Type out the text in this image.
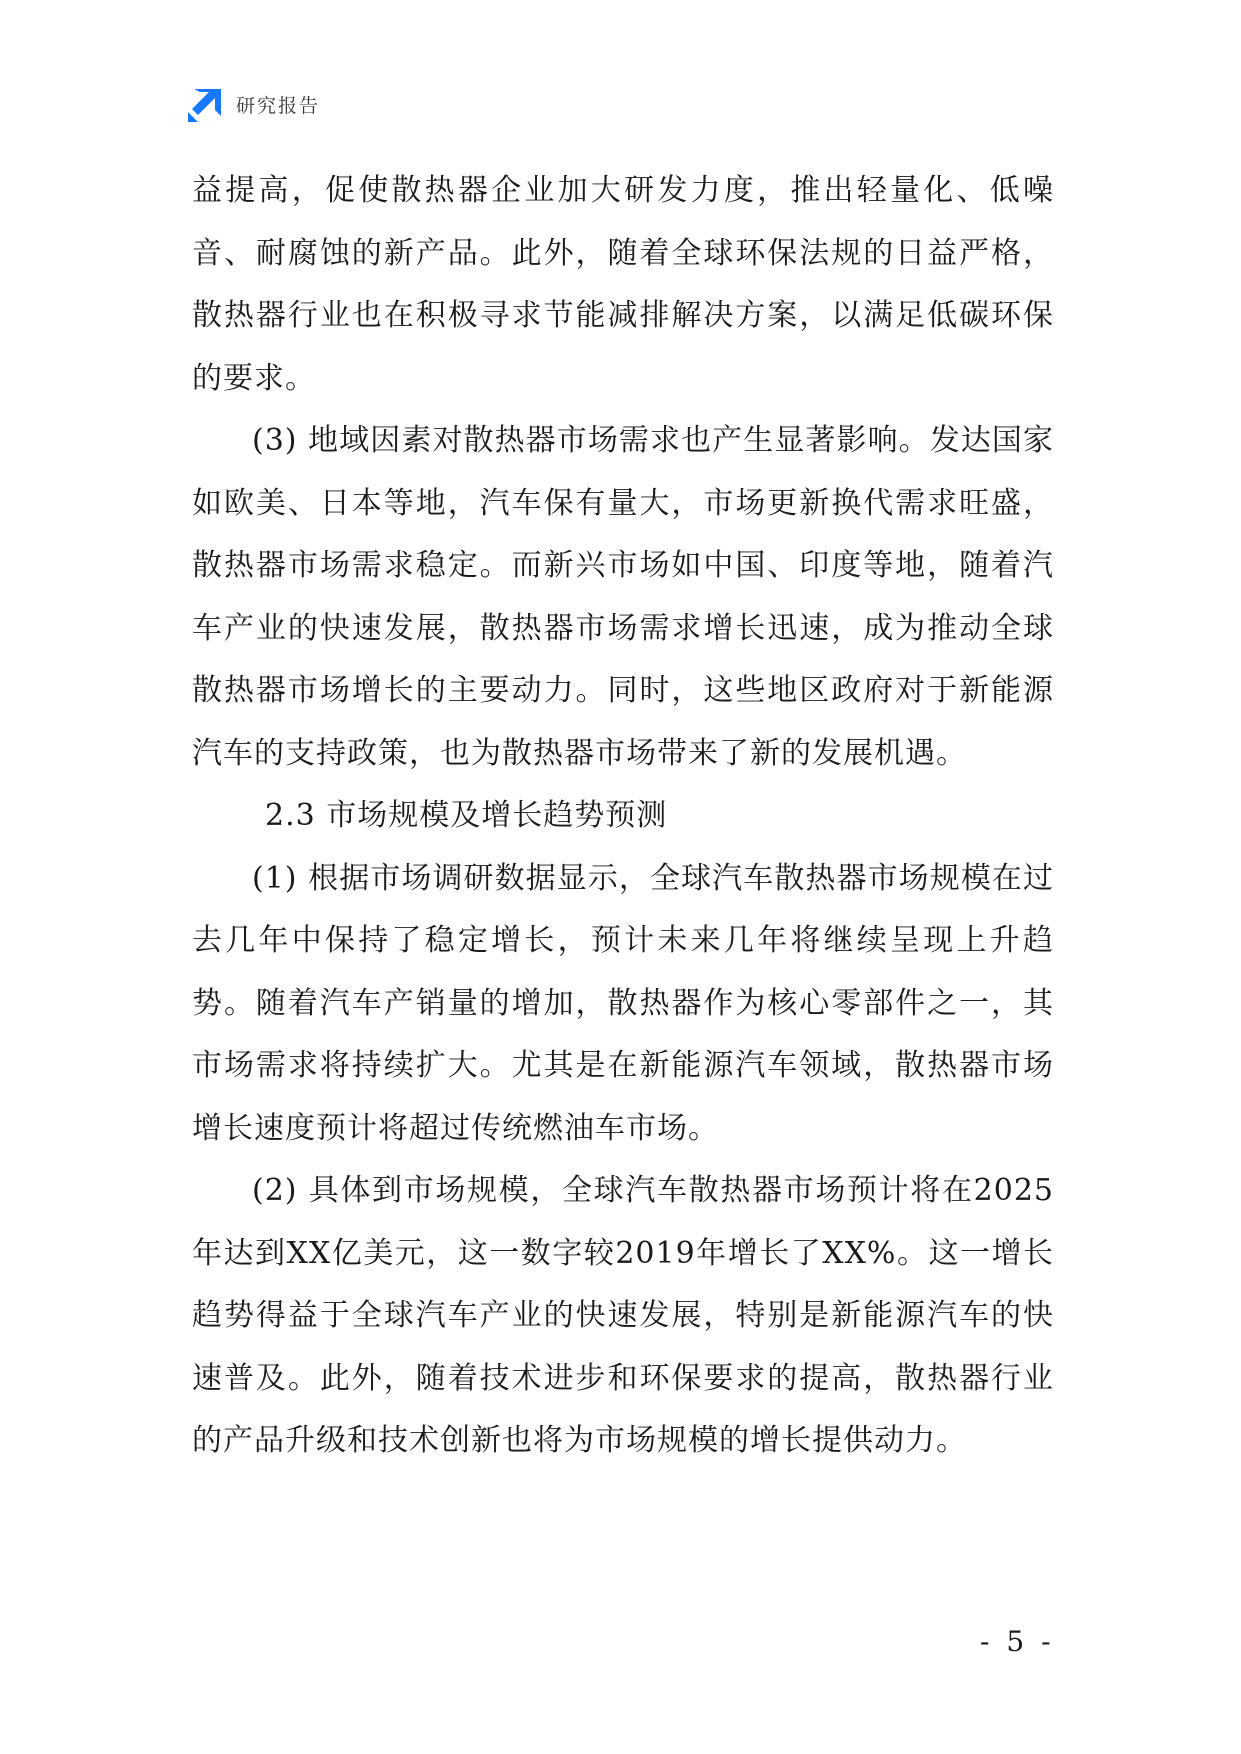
研究报告

益提高，促使散热器企业加大研发力度，推出轻量化、低噪音、耐腐蚀的新产品。此外，随着全球环保法规的日益严格，散热器行业也在积极寻求节能减排解决方案，以满足低碳环保的要求。

(3) 地域因素对散热器市场需求也产生显著影响。发达国家如欧美、日本等地，汽车保有量大，市场更新换代需求旺盛，散热器市场需求稳定。而新兴市场如中国、印度等地，随着汽车产业的快速发展，散热器市场需求增长迅速，成为推动全球散热器市场增长的主要动力。同时，这些地区政府对于新能源汽车的支持政策，也为散热器市场带来了新的发展机遇。

2.3 市场规模及增长趋势预测

(1) 根据市场调研数据显示，全球汽车散热器市场规模在过去几年中保持了稳定增长，预计未来几年将继续呈现上升趋势。随着汽车产销量的增加，散热器作为核心零部件之一，其市场需求将持续扩大。尤其是在新能源汽车领域，散热器市场增长速度预计将超过传统燃油车市场。

(2) 具体到市场规模，全球汽车散热器市场预计将在2025年达到XX亿美元，这一数字较2019年增长了XX%。这一增长趋势得益于全球汽车产业的快速发展，特别是新能源汽车的快速普及。此外，随着技术进步和环保要求的提高，散热器行业的产品升级和技术创新也将为市场规模的增长提供动力。

- 5 -
